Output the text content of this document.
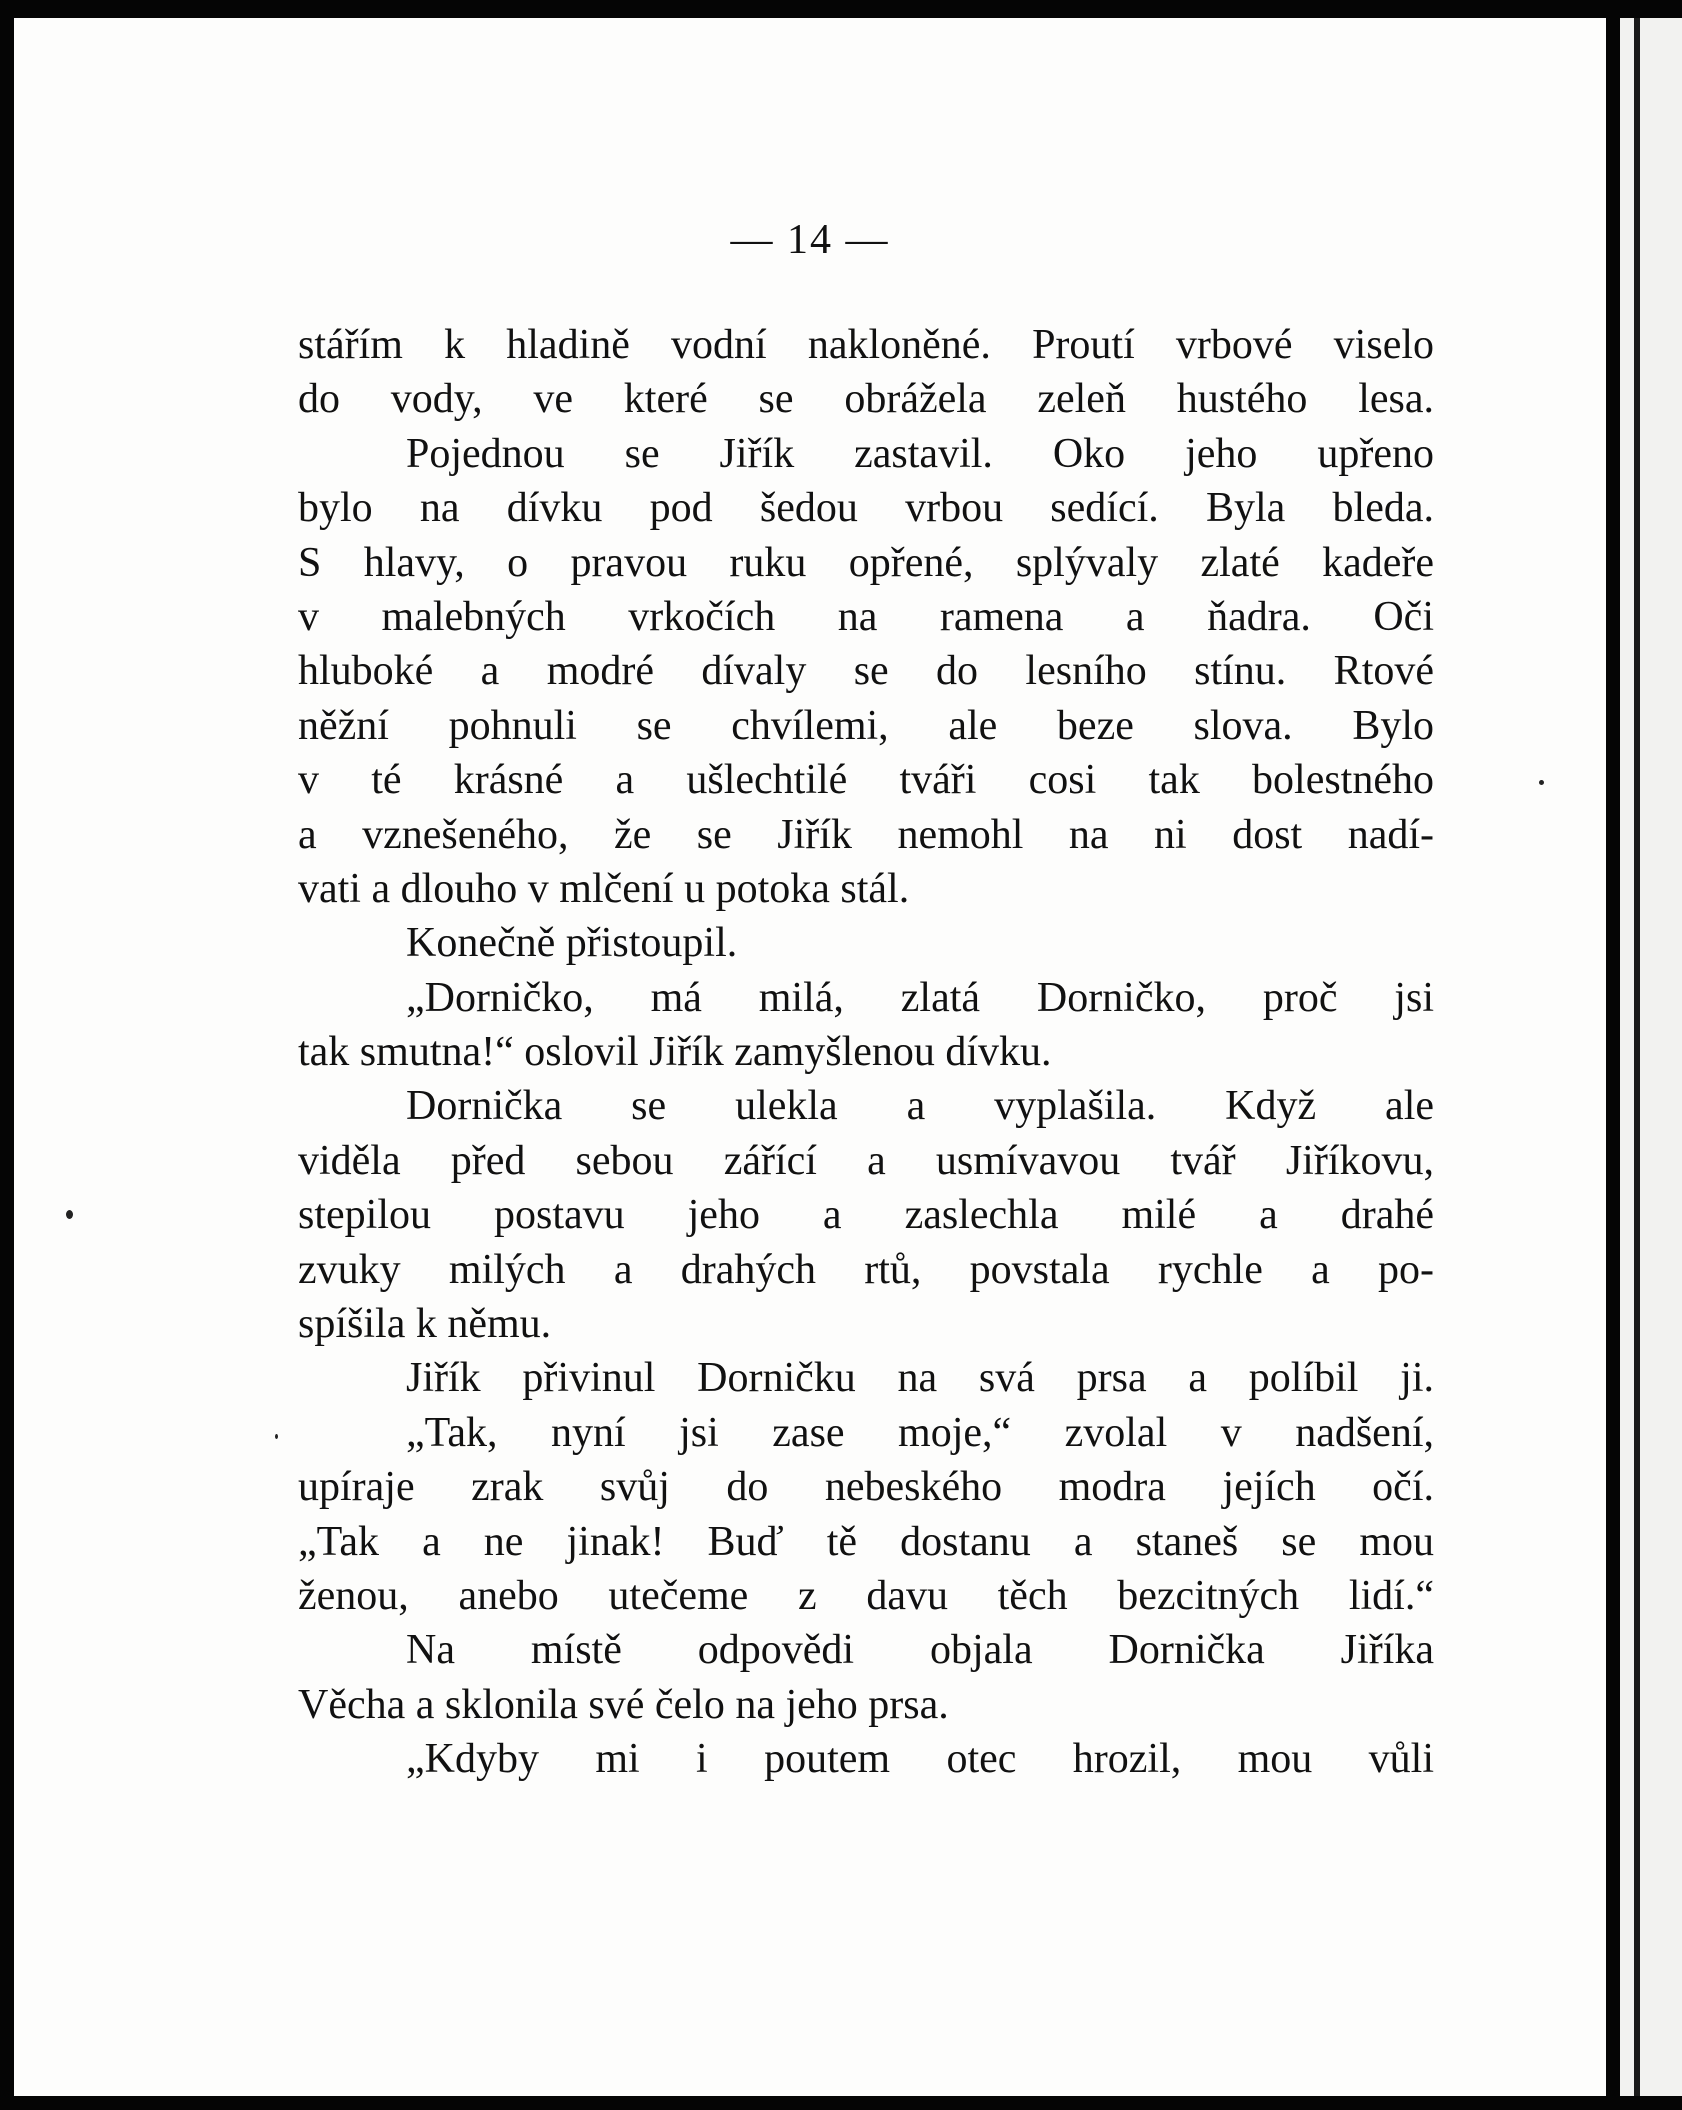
— 14 —
stářím k hladině vodní nakloněné. Proutí vrbové viselo
do vody, ve které se obrážela zeleň hustého lesa.
Pojednou se Jiřík zastavil. Oko jeho upřeno
bylo na dívku pod šedou vrbou sedící. Byla bleda.
S hlavy, o pravou ruku opřené, splývaly zlaté kadeře
v malebných vrkočích na ramena a ňadra. Oči
hluboké a modré dívaly se do lesního stínu. Rtové
něžní pohnuli se chvílemi, ale beze slova. Bylo
v té krásné a ušlechtilé tváři cosi tak bolestného
a vznešeného, že se Jiřík nemohl na ni dost nadí-
vati a dlouho v mlčení u potoka stál.
Konečně přistoupil.
„Dorničko, má milá, zlatá Dorničko, proč jsi
tak smutna!“ oslovil Jiřík zamyšlenou dívku.
Dornička se ulekla a vyplašila. Když ale
viděla před sebou zářící a usmívavou tvář Jiříkovu,
stepilou postavu jeho a zaslechla milé a drahé
zvuky milých a drahých rtů, povstala rychle a po-
spíšila k němu.
Jiřík přivinul Dorničku na svá prsa a políbil ji.
„Tak, nyní jsi zase moje,“ zvolal v nadšení,
upíraje zrak svůj do nebeského modra jejích očí.
„Tak a ne jinak! Buď tě dostanu a staneš se mou
ženou, anebo utečeme z davu těch bezcitných lidí.“
Na místě odpovědi objala Dornička Jiříka
Věcha a sklonila své čelo na jeho prsa.
„Kdyby mi i poutem otec hrozil, mou vůli
